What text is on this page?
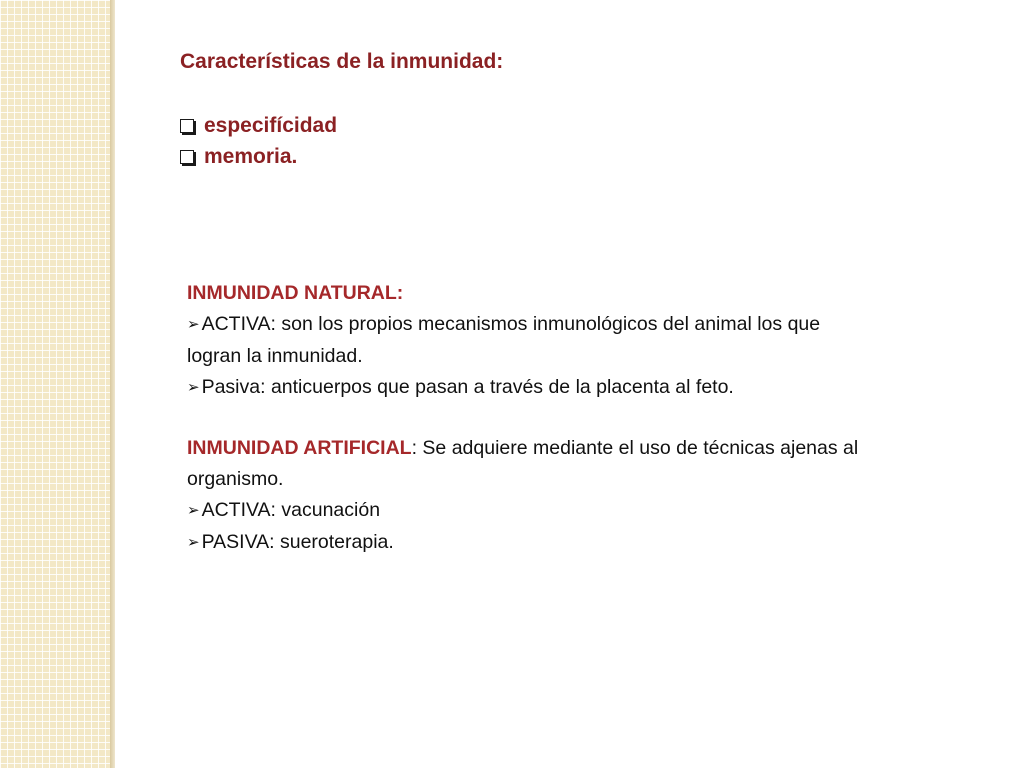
Características de la inmunidad:
especifícidad
memoria.

INMUNIDAD NATURAL:

➢ ACTIVA: son los propios mecanismos inmunológicos del animal los que logran la inmunidad.

➢ Pasiva: anticuerpos que pasan a través de la placenta al feto.

INMUNIDAD ARTIFICIAL: Se adquiere mediante el uso de técnicas ajenas al organismo.

➢ ACTIVA: vacunación

➢ PASIVA: sueroterapia.
